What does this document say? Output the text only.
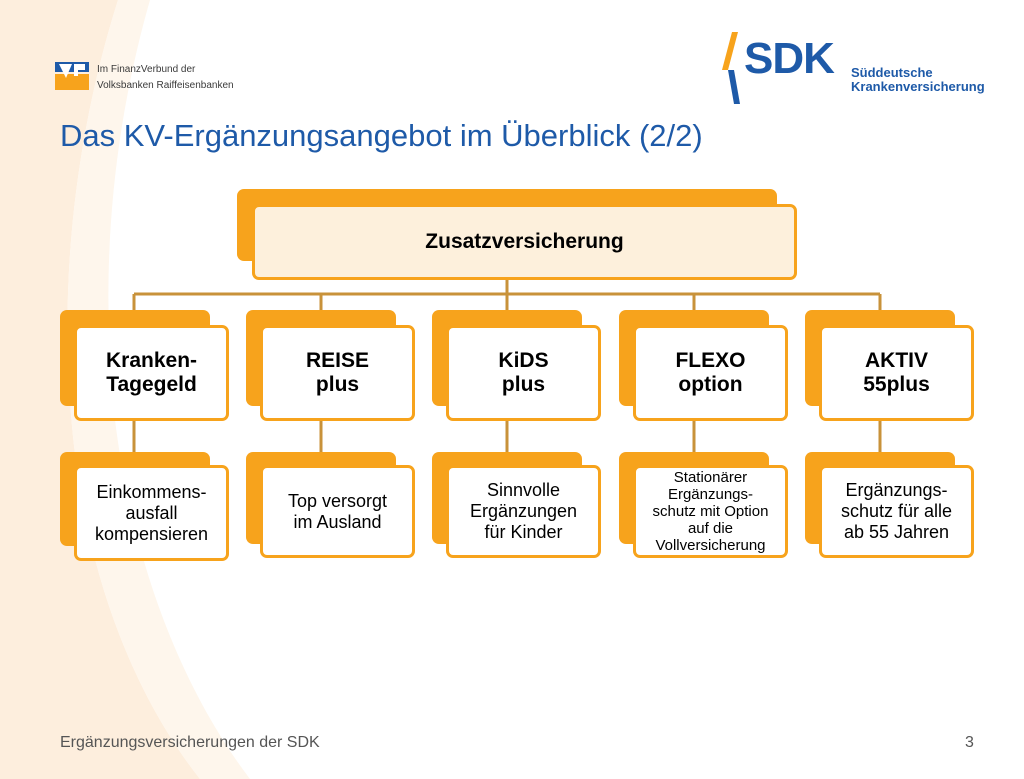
Im FinanzVerbund der
Volksbanken Raiffeisenbanken
SDK Süddeutsche
Krankenversicherung
Das KV-Ergänzungsangebot im Überblick (2/2)
Zusatzversicherung
Kranken-
Tagegeld
Einkommens-
ausfall
kompensieren
REISE
plus
Top versorgt
im Ausland
KiDS
plus
Sinnvolle
Ergänzungen
für Kinder
FLEXO
option
Stationärer
Ergänzungs-
schutz mit Option
auf die
Vollversicherung
AKTIV
55plus
Ergänzungs-
schutz für alle
ab 55 Jahren
Ergänzungsversicherungen der SDK	3
